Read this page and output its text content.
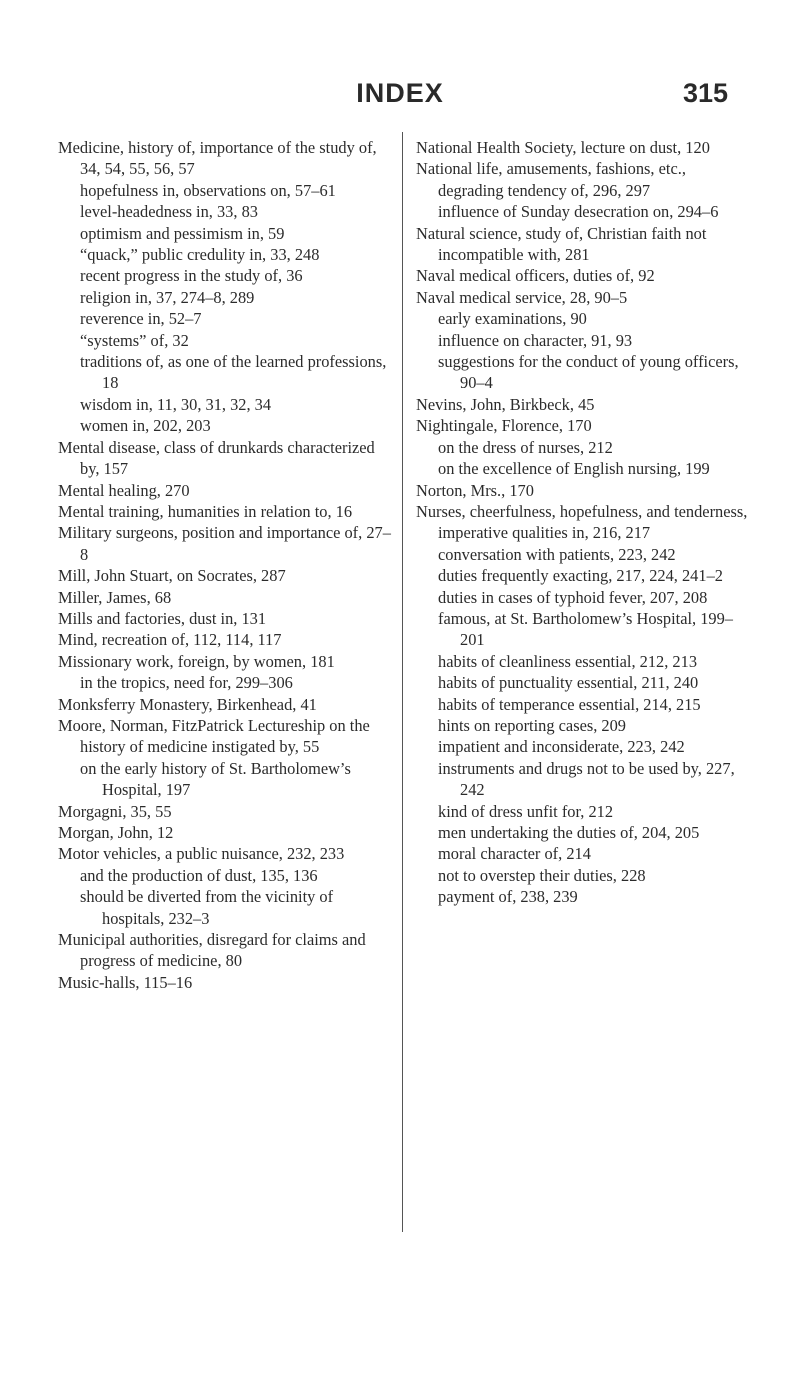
INDEX	315

Medicine, history of, importance of the study of, 34, 54, 55, 56, 57

hopefulness in, observations on, 57–61

level-headedness in, 33, 83

optimism and pessimism in, 59

“quack,” public credulity in, 33, 248

recent progress in the study of, 36

religion in, 37, 274–8, 289

reverence in, 52–7

“systems” of, 32

traditions of, as one of the learned professions, 18

wisdom in, 11, 30, 31, 32, 34

women in, 202, 203

Mental disease, class of drunkards characterized by, 157

Mental healing, 270

Mental training, humanities in relation to, 16

Military surgeons, position and importance of, 27–8

Mill, John Stuart, on Socrates, 287

Miller, James, 68

Mills and factories, dust in, 131

Mind, recreation of, 112, 114, 117

Missionary work, foreign, by women, 181

in the tropics, need for, 299–306

Monksferry Monastery, Birkenhead, 41

Moore, Norman, FitzPatrick Lectureship on the history of medicine instigated by, 55

on the early history of St. Bartholomew’s Hospital, 197

Morgagni, 35, 55

Morgan, John, 12

Motor vehicles, a public nuisance, 232, 233

and the production of dust, 135, 136

should be diverted from the vicinity of hospitals, 232–3

Municipal authorities, disregard for claims and progress of medicine, 80

Music-halls, 115–16

National Health Society, lecture on dust, 120

National life, amusements, fashions, etc., degrading tendency of, 296, 297

influence of Sunday desecration on, 294–6

Natural science, study of, Christian faith not incompatible with, 281

Naval medical officers, duties of, 92

Naval medical service, 28, 90–5

early examinations, 90

influence on character, 91, 93

suggestions for the conduct of young officers, 90–4

Nevins, John, Birkbeck, 45

Nightingale, Florence, 170

on the dress of nurses, 212

on the excellence of English nursing, 199

Norton, Mrs., 170

Nurses, cheerfulness, hopefulness, and tenderness, imperative qualities in, 216, 217

conversation with patients, 223, 242

duties frequently exacting, 217, 224, 241–2

duties in cases of typhoid fever, 207, 208

famous, at St. Bartholomew’s Hospital, 199–201

habits of cleanliness essential, 212, 213

habits of punctuality essential, 211, 240

habits of temperance essential, 214, 215

hints on reporting cases, 209

impatient and inconsiderate, 223, 242

instruments and drugs not to be used by, 227, 242

kind of dress unfit for, 212

men undertaking the duties of, 204, 205

moral character of, 214

not to overstep their duties, 228

payment of, 238, 239
